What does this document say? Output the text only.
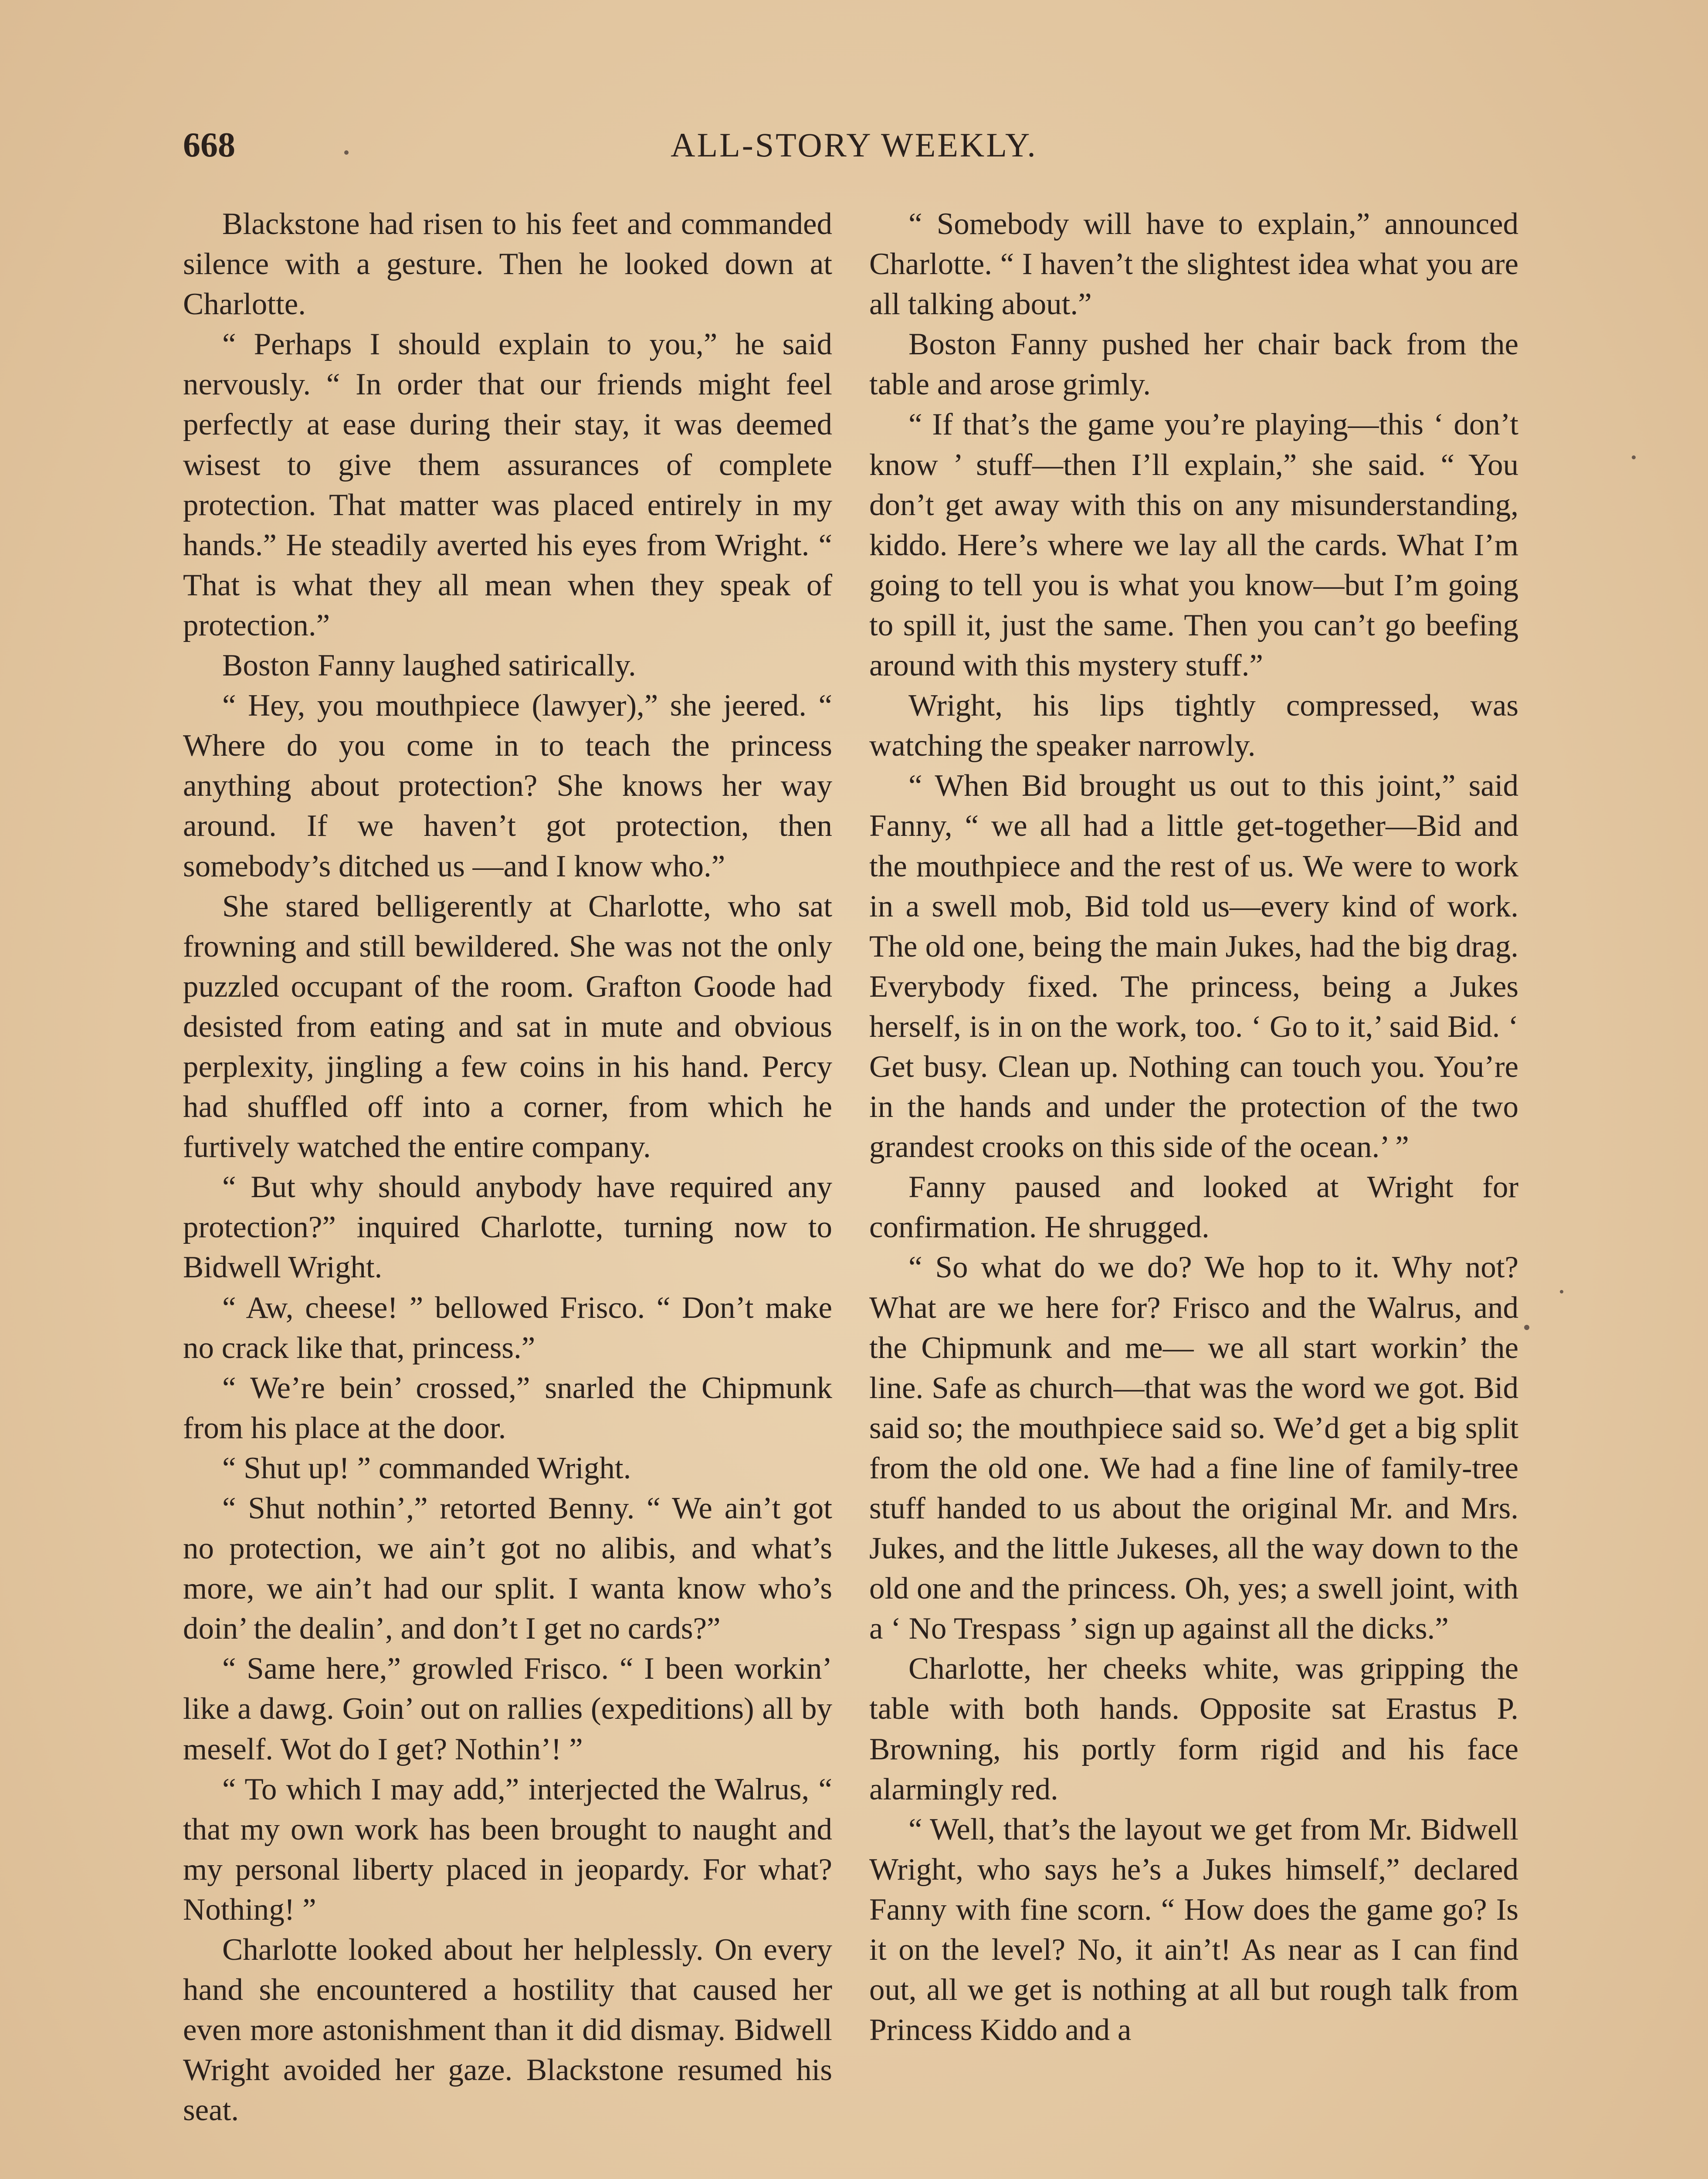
668	ALL-STORY WEEKLY.

Blackstone had risen to his feet and commanded silence with a gesture. Then he looked down at Charlotte.

“ Perhaps I should explain to you,” he said nervously. “ In order that our friends might feel perfectly at ease during their stay, it was deemed wisest to give them assurances of complete protection. That matter was placed entirely in my hands.” He steadily averted his eyes from Wright. “ That is what they all mean when they speak of protection.”

Boston Fanny laughed satirically.

“ Hey, you mouthpiece (lawyer),” she jeered. “ Where do you come in to teach the princess anything about protection? She knows her way around. If we haven’t got protection, then somebody’s ditched us —and I know who.”

She stared belligerently at Charlotte, who sat frowning and still bewildered. She was not the only puzzled occupant of the room. Grafton Goode had desisted from eating and sat in mute and obvious perplexity, jingling a few coins in his hand. Percy had shuffled off into a corner, from which he furtively watched the entire company.

“ But why should anybody have required any protection?” inquired Charlotte, turning now to Bidwell Wright.

“ Aw, cheese! ” bellowed Frisco. “ Don’t make no crack like that, princess.”

“ We’re bein’ crossed,” snarled the Chipmunk from his place at the door.

“ Shut up! ” commanded Wright.

“ Shut nothin’,” retorted Benny. “ We ain’t got no protection, we ain’t got no alibis, and what’s more, we ain’t had our split. I wanta know who’s doin’ the dealin’, and don’t I get no cards?”

“ Same here,” growled Frisco. “ I been workin’ like a dawg. Goin’ out on rallies (expeditions) all by meself. Wot do I get? Nothin’! ”

“ To which I may add,” interjected the Walrus, “ that my own work has been brought to naught and my personal liberty placed in jeopardy. For what? Nothing! ”

Charlotte looked about her helplessly. On every hand she encountered a hostility that caused her even more astonishment than it did dismay. Bidwell Wright avoided her gaze. Blackstone resumed his seat.

“ Somebody will have to explain,” announced Charlotte. “ I haven’t the slightest idea what you are all talking about.”

Boston Fanny pushed her chair back from the table and arose grimly.

“ If that’s the game you’re playing—this ‘ don’t know ’ stuff—then I’ll explain,” she said. “ You don’t get away with this on any misunderstanding, kiddo. Here’s where we lay all the cards. What I’m going to tell you is what you know—but I’m going to spill it, just the same. Then you can’t go beefing around with this mystery stuff.”

Wright, his lips tightly compressed, was watching the speaker narrowly.

“ When Bid brought us out to this joint,” said Fanny, “ we all had a little get-together—Bid and the mouthpiece and the rest of us. We were to work in a swell mob, Bid told us—every kind of work. The old one, being the main Jukes, had the big drag. Everybody fixed. The princess, being a Jukes herself, is in on the work, too. ‘ Go to it,’ said Bid. ‘ Get busy. Clean up. Nothing can touch you. You’re in the hands and under the protection of the two grandest crooks on this side of the ocean.’ ”

Fanny paused and looked at Wright for confirmation. He shrugged.

“ So what do we do? We hop to it. Why not? What are we here for? Frisco and the Walrus, and the Chipmunk and me— we all start workin’ the line. Safe as church—that was the word we got. Bid said so; the mouthpiece said so. We’d get a big split from the old one. We had a fine line of family-tree stuff handed to us about the original Mr. and Mrs. Jukes, and the little Jukeses, all the way down to the old one and the princess. Oh, yes; a swell joint, with a ‘ No Trespass ’ sign up against all the dicks.”

Charlotte, her cheeks white, was gripping the table with both hands. Opposite sat Erastus P. Browning, his portly form rigid and his face alarmingly red.

“ Well, that’s the layout we get from Mr. Bidwell Wright, who says he’s a Jukes himself,” declared Fanny with fine scorn. “ How does the game go? Is it on the level? No, it ain’t! As near as I can find out, all we get is nothing at all but rough talk from Princess Kiddo and a
